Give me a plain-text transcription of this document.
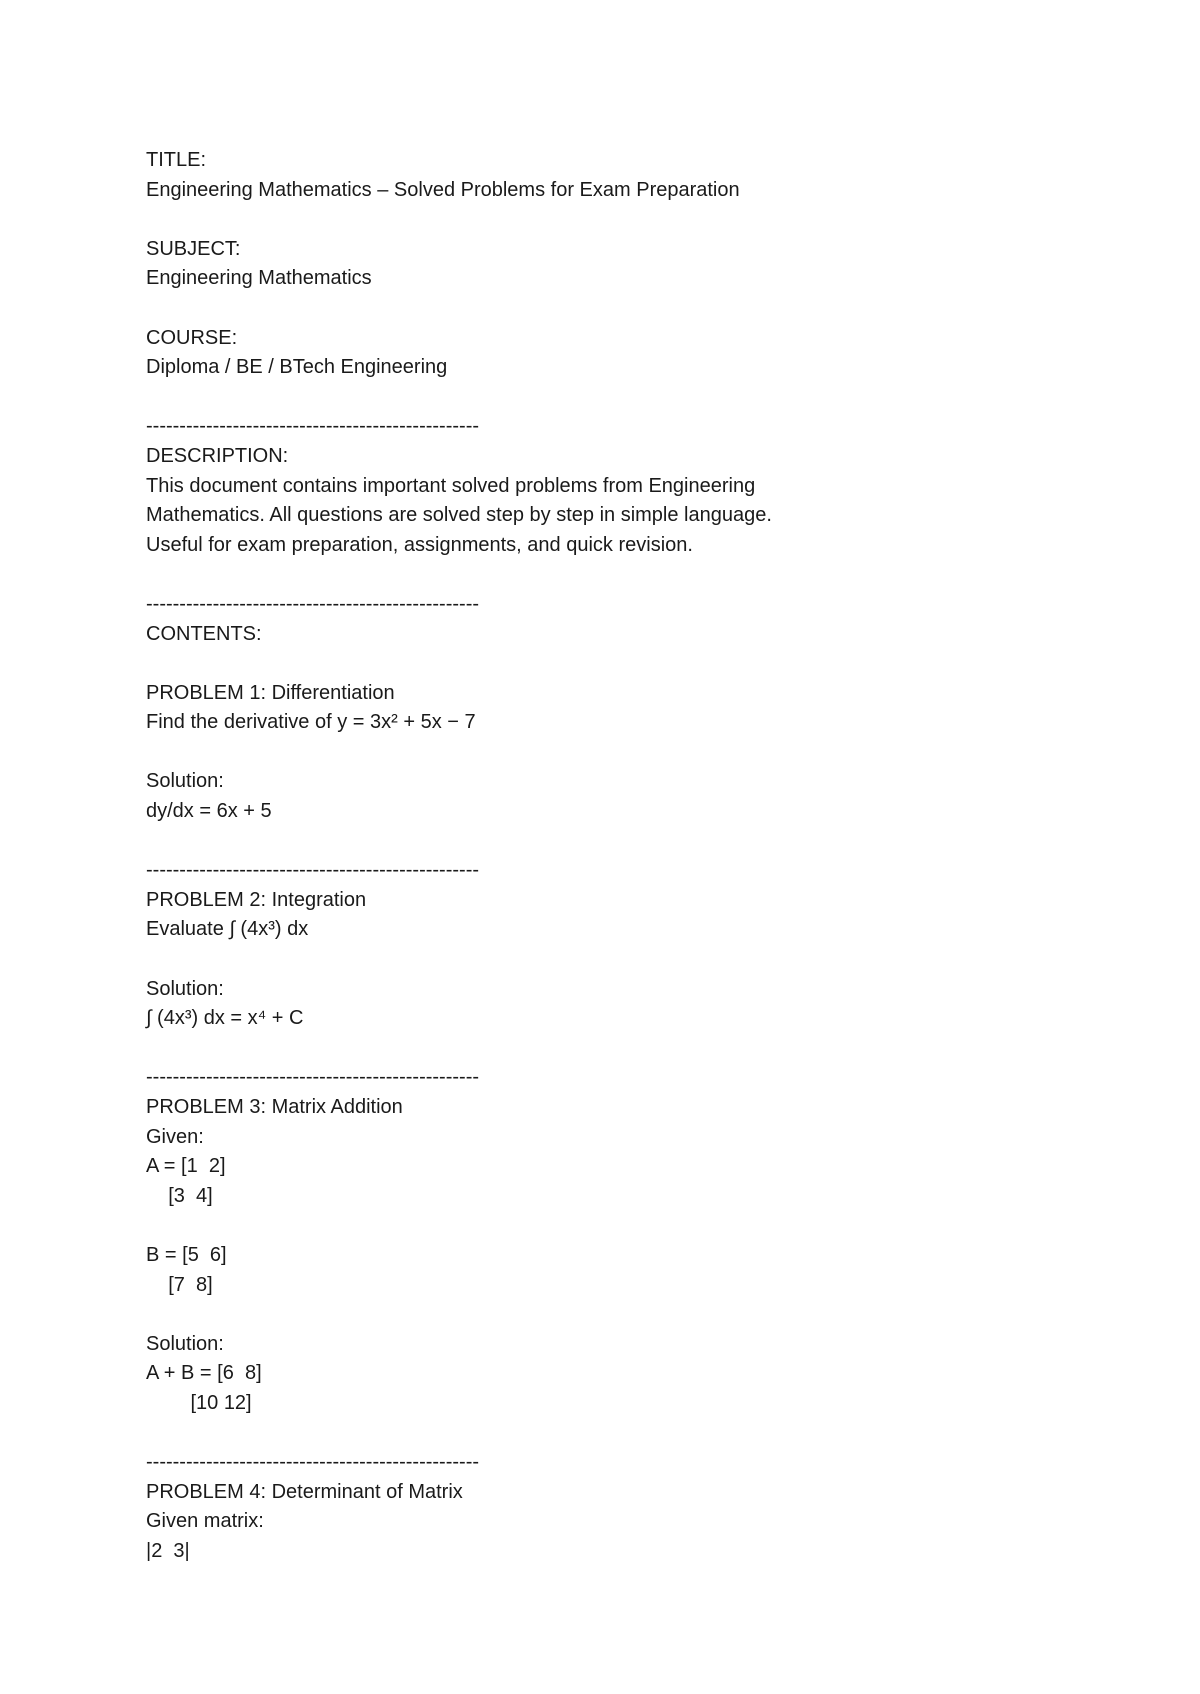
TITLE:
Engineering Mathematics – Solved Problems for Exam Preparation
SUBJECT:
Engineering Mathematics
COURSE:
Diploma / BE / BTech Engineering
--------------------------------------------------
DESCRIPTION:
This document contains important solved problems from Engineering
Mathematics. All questions are solved step by step in simple language.
Useful for exam preparation, assignments, and quick revision.
--------------------------------------------------
CONTENTS:
PROBLEM 1: Differentiation
Find the derivative of y = 3x² + 5x − 7
Solution:
dy/dx = 6x + 5
--------------------------------------------------
PROBLEM 2: Integration
Evaluate ∫ (4x³) dx
Solution:
∫ (4x³) dx = x⁴ + C
--------------------------------------------------
PROBLEM 3: Matrix Addition
Given:
A = [1  2]
[3  4]
B = [5  6]
[7  8]
Solution:
A + B = [6  8]
[10 12]
--------------------------------------------------
PROBLEM 4: Determinant of Matrix
Given matrix:
|2  3|
